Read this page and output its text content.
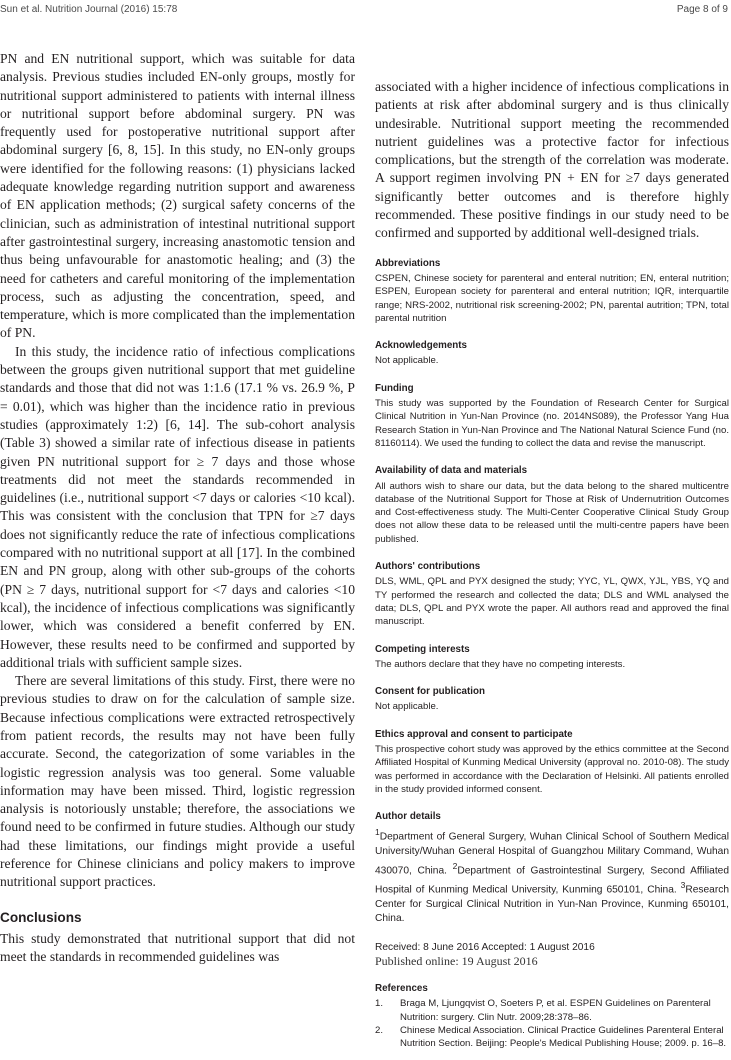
Sun et al. Nutrition Journal (2016) 15:78	Page 8 of 9

PN and EN nutritional support, which was suitable for data analysis. Previous studies included EN-only groups, mostly for nutritional support administered to patients with internal illness or nutritional support before abdominal surgery. PN was frequently used for postoperative nutritional support after abdominal surgery [6, 8, 15]. In this study, no EN-only groups were identified for the following reasons: (1) physicians lacked adequate knowledge regarding nutrition support and awareness of EN application methods; (2) surgical safety concerns of the clinician, such as administration of intestinal nutritional support after gastrointestinal surgery, increasing anastomotic tension and thus being unfavourable for anastomotic healing; and (3) the need for catheters and careful monitoring of the implementation process, such as adjusting the concentration, speed, and temperature, which is more complicated than the implementation of PN.

In this study, the incidence ratio of infectious complications between the groups given nutritional support that met guideline standards and those that did not was 1:1.6 (17.1 % vs. 26.9 %, P = 0.01), which was higher than the incidence ratio in previous studies (approximately 1:2) [6, 14]. The sub-cohort analysis (Table 3) showed a similar rate of infectious disease in patients given PN nutritional support for ≥ 7 days and those whose treatments did not meet the standards recommended in guidelines (i.e., nutritional support <7 days or calories <10 kcal). This was consistent with the conclusion that TPN for ≥7 days does not significantly reduce the rate of infectious complications compared with no nutritional support at all [17]. In the combined EN and PN group, along with other sub-groups of the cohorts (PN ≥ 7 days, nutritional support for <7 days and calories <10 kcal), the incidence of infectious complications was significantly lower, which was considered a benefit conferred by EN. However, these results need to be confirmed and supported by additional trials with sufficient sample sizes.

There are several limitations of this study. First, there were no previous studies to draw on for the calculation of sample size. Because infectious complications were extracted retrospectively from patient records, the results may not have been fully accurate. Second, the categorization of some variables in the logistic regression analysis was too general. Some valuable information may have been missed. Third, logistic regression analysis is notoriously unstable; therefore, the associations we found need to be confirmed in future studies. Although our study had these limitations, our findings might provide a useful reference for Chinese clinicians and policy makers to improve nutritional support practices.

Conclusions

This study demonstrated that nutritional support that did not meet the standards in recommended guidelines was

associated with a higher incidence of infectious complications in patients at risk after abdominal surgery and is thus clinically undesirable. Nutritional support meeting the recommended nutrient guidelines was a protective factor for infectious complications, but the strength of the correlation was moderate. A support regimen involving PN + EN for ≥7 days generated significantly better outcomes and is therefore highly recommended. These positive findings in our study need to be confirmed and supported by additional well-designed trials.

Abbreviations
CSPEN, Chinese society for parenteral and enteral nutrition; EN, enteral nutrition; ESPEN, European society for parenteral and enteral nutrition; IQR, interquartile range; NRS-2002, nutritional risk screening-2002; PN, parental autrition; TPN, total parental nutrition
Acknowledgements
Not applicable.
Funding
This study was supported by the Foundation of Research Center for Surgical Clinical Nutrition in Yun-Nan Province (no. 2014NS089), the Professor Yang Hua Research Station in Yun-Nan Province and The National Natural Science Fund (no. 81160114). We used the funding to collect the data and revise the manuscript.
Availability of data and materials
All authors wish to share our data, but the data belong to the shared multicentre database of the Nutritional Support for Those at Risk of Undernutrition Outcomes and Cost-effectiveness study. The Multi-Center Cooperative Clinical Study Group does not allow these data to be released until the multi-centre papers have been published.
Authors' contributions
DLS, WML, QPL and PYX designed the study; YYC, YL, QWX, YJL, YBS, YQ and TY performed the research and collected the data; DLS and WML analysed the data; DLS, QPL and PYX wrote the paper. All authors read and approved the final manuscript.
Competing interests
The authors declare that they have no competing interests.
Consent for publication
Not applicable.
Ethics approval and consent to participate
This prospective cohort study was approved by the ethics committee at the Second Affiliated Hospital of Kunming Medical University (approval no. 2010-08). The study was performed in accordance with the Declaration of Helsinki. All patients enrolled in the study provided informed consent.
Author details
$^1$Department of General Surgery, Wuhan Clinical School of Southern Medical University/Wuhan General Hospital of Guangzhou Military Command, Wuhan 430070, China. $^2$Department of Gastrointestinal Surgery, Second Affiliated Hospital of Kunming Medical University, Kunming 650101, China. $^3$Research Center for Surgical Clinical Nutrition in Yun-Nan Province, Kunming 650101, China.
Received: 8 June 2016 Accepted: 1 August 2016
Published online: 19 August 2016
References
1.	Braga M, Ljungqvist O, Soeters P, et al. ESPEN Guidelines on Parenteral Nutrition: surgery. Clin Nutr. 2009;28:378–86.
2.	Chinese Medical Association. Clinical Practice Guidelines Parenteral Enteral Nutrition Section. Beijing: People's Medical Publishing House; 2009. p. 16–8.
